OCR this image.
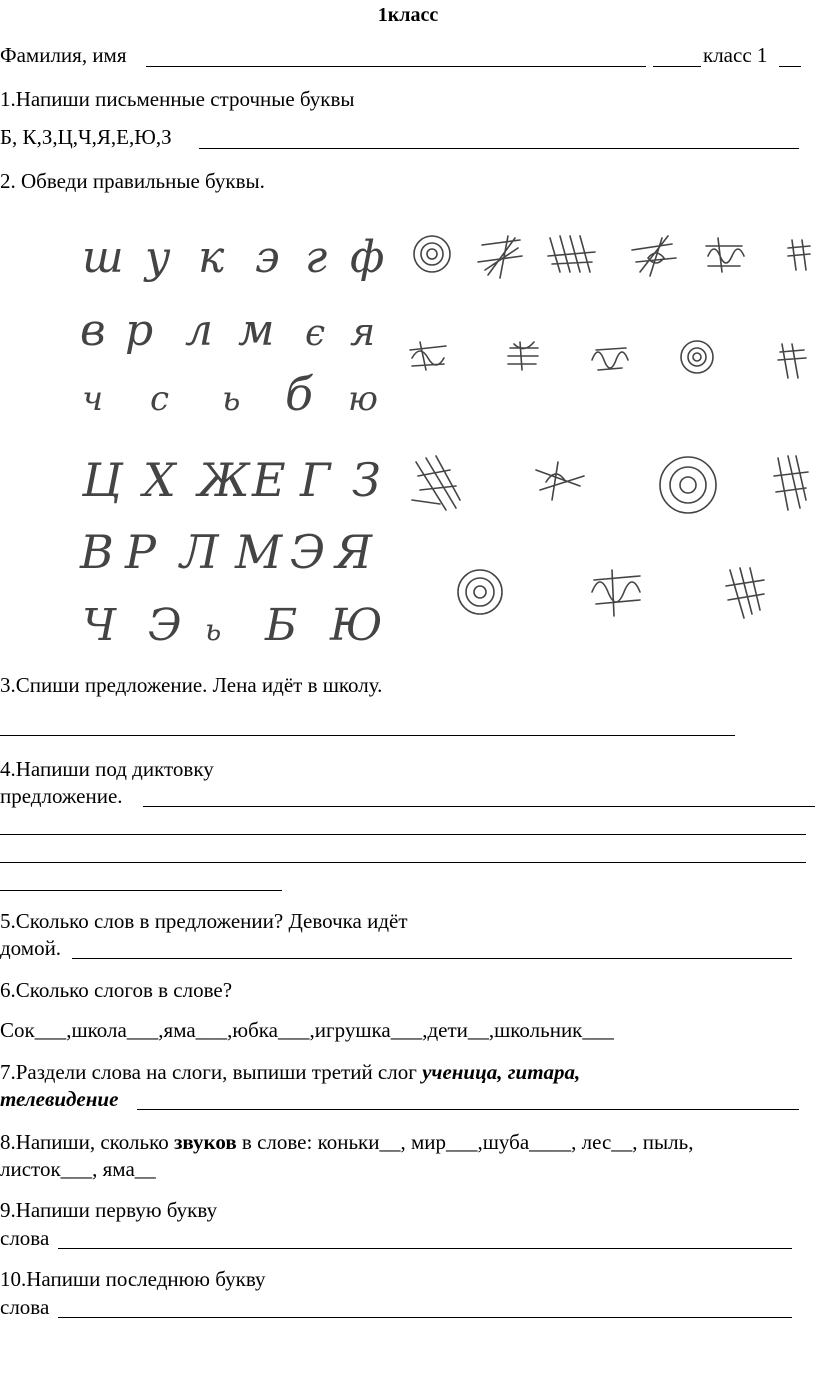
1класс
Фамилия, имя	класс 1
1.Напиши письменные строчные буквы
Б, К,З,Ц,Ч,Я,Е,Ю,З
2. Обведи правильные буквы.
ш у к э г ф
в р л м є я
ч с ь б ю
Ц Х Ж Е Г З
В Р Л М Э Я
Ч Э ь Б Ю
3.Спиши предложение. Лена идёт в школу.
4.Напиши под диктовку
предложение.
5.Сколько слов в предложении? Девочка идёт
домой.
6.Сколько слогов в слове?
Сок___,школа___,яма___,юбка___,игрушка___,дети__,школьник___
7.Раздели слова на слоги, выпиши третий слог ученица, гитара,
телевидение
8.Напиши, сколько звуков в слове: коньки__, мир___,шуба____, лес__, пыль,
листок___, яма__
9.Напиши первую букву
слова
10.Напиши последнюю букву
слова
